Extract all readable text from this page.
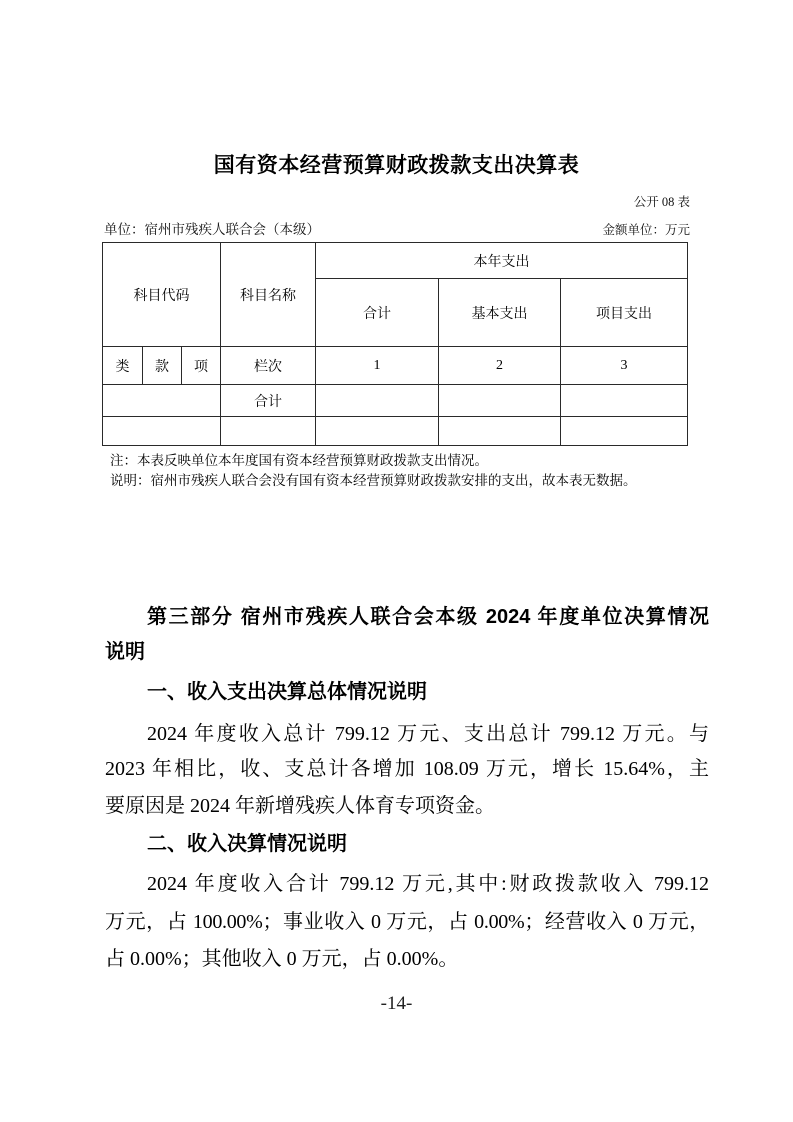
国有资本经营预算财政拨款支出决算表
公开 08 表
单位：宿州市残疾人联合会（本级）	金额单位：万元
科目代码			科目名称	本年支出		
				合计	基本支出	项目支出
类	款	项	栏次	1	2	3
			合计			

注：本表反映单位本年度国有资本经营预算财政拨款支出情况。
说明：宿州市残疾人联合会没有国有资本经营预算财政拨款安排的支出，故本表无数据。
第三部分 宿州市残疾人联合会本级 2024 年度单位决算情况
说明
一、收入支出决算总体情况说明
2024 年度收入总计 799.12 万元、支出总计 799.12 万元。与
2023 年相比，收、支总计各增加 108.09 万元，增长 15.64%，主
要原因是 2024 年新增残疾人体育专项资金。
二、收入决算情况说明
2024 年度收入合计 799.12 万元,其中:财政拨款收入 799.12
万元，占 100.00%；事业收入 0 万元，占 0.00%；经营收入 0 万元，
占 0.00%；其他收入 0 万元，占 0.00%。
-14-
